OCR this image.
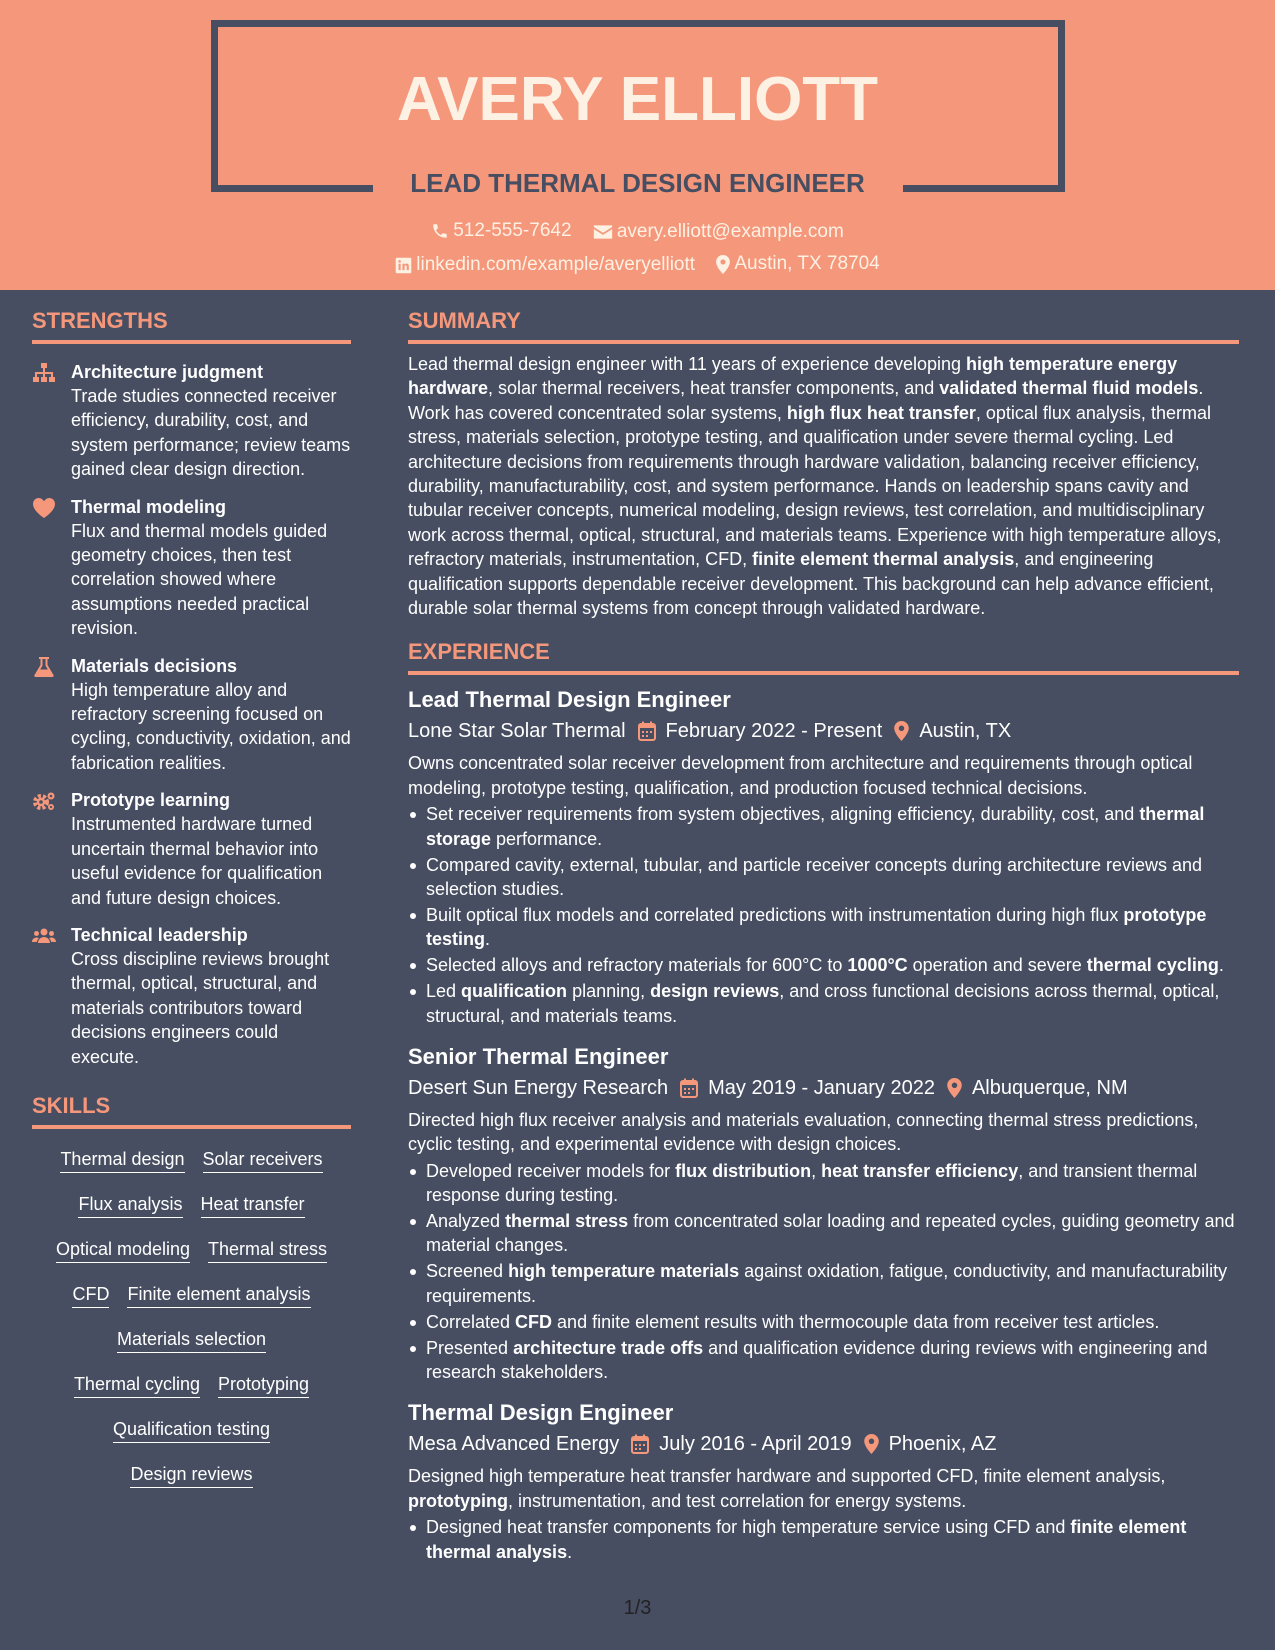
AVERY ELLIOTT
LEAD THERMAL DESIGN ENGINEER
512-555-7642
avery.elliott@example.com
linkedin.com/example/averyelliott
Austin, TX 78704
STRENGTHS
Architecture judgment
Trade studies connected receiver efficiency, durability, cost, and system performance; review teams gained clear design direction.
Thermal modeling
Flux and thermal models guided geometry choices, then test correlation showed where assumptions needed practical revision.
Materials decisions
High temperature alloy and refractory screening focused on cycling, conductivity, oxidation, and fabrication realities.
Prototype learning
Instrumented hardware turned uncertain thermal behavior into useful evidence for qualification and future design choices.
Technical leadership
Cross discipline reviews brought thermal, optical, structural, and materials contributors toward decisions engineers could execute.
SKILLS
Thermal design Solar receivers
Flux analysis Heat transfer
Optical modeling Thermal stress
CFD Finite element analysis
Materials selection
Thermal cycling Prototyping
Qualification testing
Design reviews
SUMMARY
Lead thermal design engineer with 11 years of experience developing high temperature energy hardware, solar thermal receivers, heat transfer components, and validated thermal fluid models. Work has covered concentrated solar systems, high flux heat transfer, optical flux analysis, thermal stress, materials selection, prototype testing, and qualification under severe thermal cycling. Led architecture decisions from requirements through hardware validation, balancing receiver efficiency, durability, manufacturability, cost, and system performance. Hands on leadership spans cavity and tubular receiver concepts, numerical modeling, design reviews, test correlation, and multidisciplinary work across thermal, optical, structural, and materials teams. Experience with high temperature alloys, refractory materials, instrumentation, CFD, finite element thermal analysis, and engineering qualification supports dependable receiver development. This background can help advance efficient, durable solar thermal systems from concept through validated hardware.
EXPERIENCE
Lead Thermal Design Engineer
Lone Star Solar Thermal February 2022 - Present Austin, TX
Owns concentrated solar receiver development from architecture and requirements through optical modeling, prototype testing, qualification, and production focused technical decisions.
Set receiver requirements from system objectives, aligning efficiency, durability, cost, and thermal storage performance.
Compared cavity, external, tubular, and particle receiver concepts during architecture reviews and selection studies.
Built optical flux models and correlated predictions with instrumentation during high flux prototype testing.
Selected alloys and refractory materials for 600°C to 1000°C operation and severe thermal cycling.
Led qualification planning, design reviews, and cross functional decisions across thermal, optical, structural, and materials teams.
Senior Thermal Engineer
Desert Sun Energy Research May 2019 - January 2022 Albuquerque, NM
Directed high flux receiver analysis and materials evaluation, connecting thermal stress predictions, cyclic testing, and experimental evidence with design choices.
Developed receiver models for flux distribution, heat transfer efficiency, and transient thermal response during testing.
Analyzed thermal stress from concentrated solar loading and repeated cycles, guiding geometry and material changes.
Screened high temperature materials against oxidation, fatigue, conductivity, and manufacturability requirements.
Correlated CFD and finite element results with thermocouple data from receiver test articles.
Presented architecture trade offs and qualification evidence during reviews with engineering and research stakeholders.
Thermal Design Engineer
Mesa Advanced Energy July 2016 - April 2019 Phoenix, AZ
Designed high temperature heat transfer hardware and supported CFD, finite element analysis, prototyping, instrumentation, and test correlation for energy systems.
Designed heat transfer components for high temperature service using CFD and finite element thermal analysis.
1/3
